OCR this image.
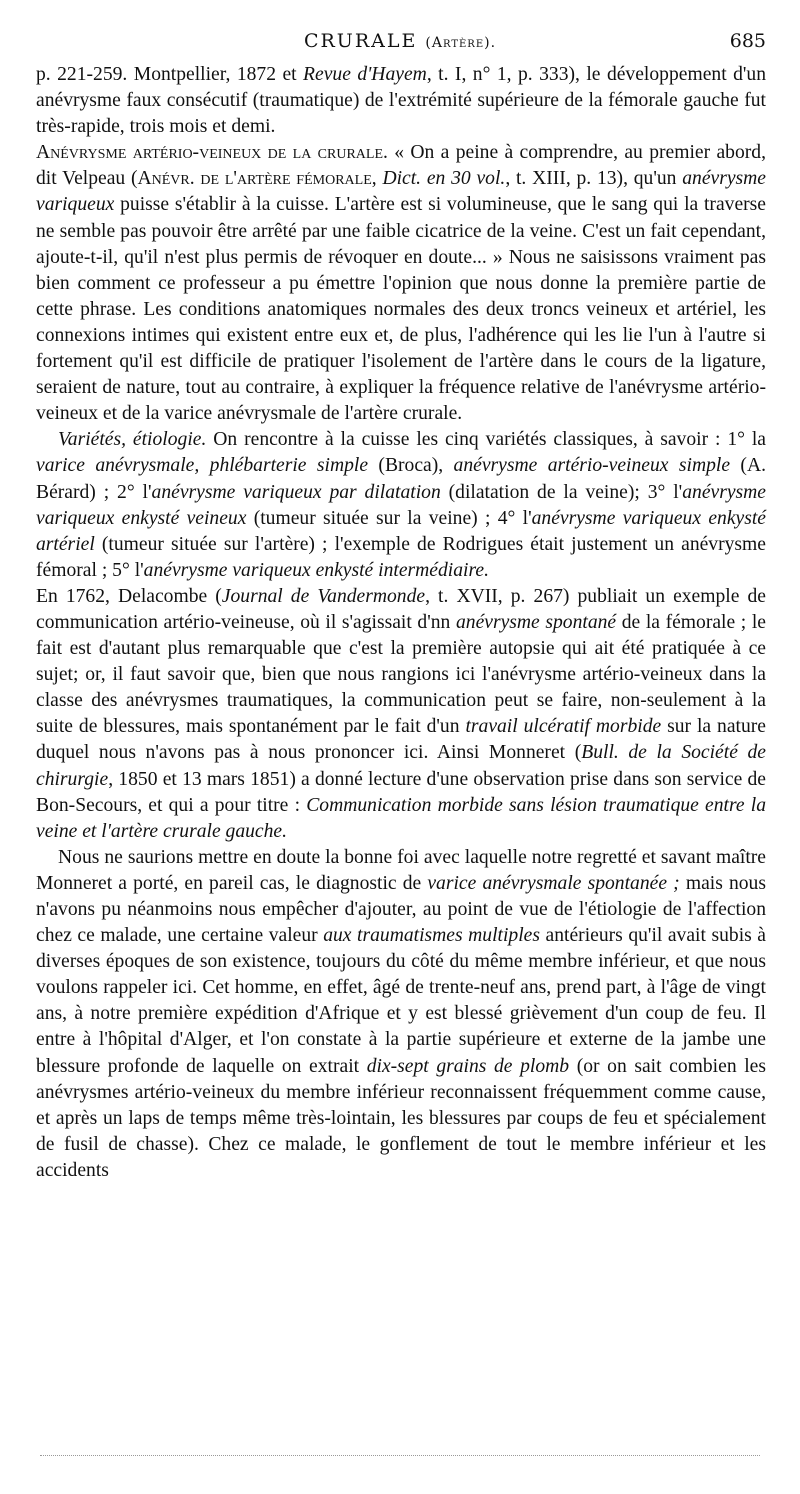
CRURALE (Artère).	685

p. 221-259. Montpellier, 1872 et Revue d'Hayem, t. I, n° 1, p. 333), le développement d'un anévrysme faux consécutif (traumatique) de l'extrémité supérieure de la fémorale gauche fut très-rapide, trois mois et demi.

Anévrysme artério-veineux de la crurale. « On a peine à comprendre, au premier abord, dit Velpeau (Anévr. de l'artère fémorale, Dict. en 30 vol., t. XIII, p. 13), qu'un anévrysme variqueux puisse s'établir à la cuisse. L'artère est si volumineuse, que le sang qui la traverse ne semble pas pouvoir être arrêté par une faible cicatrice de la veine. C'est un fait cependant, ajoute-t-il, qu'il n'est plus permis de révoquer en doute... » Nous ne saisissons vraiment pas bien comment ce professeur a pu émettre l'opinion que nous donne la première partie de cette phrase. Les conditions anatomiques normales des deux troncs veineux et artériel, les connexions intimes qui existent entre eux et, de plus, l'adhérence qui les lie l'un à l'autre si fortement qu'il est difficile de pratiquer l'isolement de l'artère dans le cours de la ligature, seraient de nature, tout au contraire, à expliquer la fréquence relative de l'anévrysme artério-veineux et de la varice anévrysmale de l'artère crurale.

Variétés, étiologie. On rencontre à la cuisse les cinq variétés classiques, à savoir : 1° la varice anévrysmale, phlébarterie simple (Broca), anévrysme artério-veineux simple (A. Bérard) ; 2° l'anévrysme variqueux par dilatation (dilatation de la veine); 3° l'anévrysme variqueux enkysté veineux (tumeur située sur la veine) ; 4° l'anévrysme variqueux enkysté artériel (tumeur située sur l'artère) ; l'exemple de Rodrigues était justement un anévrysme fémoral ; 5° l'anévrysme variqueux enkysté intermédiaire.

En 1762, Delacombe (Journal de Vandermonde, t. XVII, p. 267) publiait un exemple de communication artério-veineuse, où il s'agissait d'nn anévrysme spontané de la fémorale ; le fait est d'autant plus remarquable que c'est la première autopsie qui ait été pratiquée à ce sujet; or, il faut savoir que, bien que nous rangions ici l'anévrysme artério-veineux dans la classe des anévrysmes traumatiques, la communication peut se faire, non-seulement à la suite de blessures, mais spontanément par le fait d'un travail ulcératif morbide sur la nature duquel nous n'avons pas à nous prononcer ici. Ainsi Monneret (Bull. de la Société de chirurgie, 1850 et 13 mars 1851) a donné lecture d'une observation prise dans son service de Bon-Secours, et qui a pour titre : Communication morbide sans lésion traumatique entre la veine et l'artère crurale gauche.

Nous ne saurions mettre en doute la bonne foi avec laquelle notre regretté et savant maître Monneret a porté, en pareil cas, le diagnostic de varice anévrysmale spontanée ; mais nous n'avons pu néanmoins nous empêcher d'ajouter, au point de vue de l'étiologie de l'affection chez ce malade, une certaine valeur aux traumatismes multiples antérieurs qu'il avait subis à diverses époques de son existence, toujours du côté du même membre inférieur, et que nous voulons rappeler ici. Cet homme, en effet, âgé de trente-neuf ans, prend part, à l'âge de vingt ans, à notre première expédition d'Afrique et y est blessé grièvement d'un coup de feu. Il entre à l'hôpital d'Alger, et l'on constate à la partie supérieure et externe de la jambe une blessure profonde de laquelle on extrait dix-sept grains de plomb (or on sait combien les anévrysmes artério-veineux du membre inférieur reconnaissent fréquemment comme cause, et après un laps de temps même très-lointain, les blessures par coups de feu et spécialement de fusil de chasse). Chez ce malade, le gonflement de tout le membre inférieur et les accidents
